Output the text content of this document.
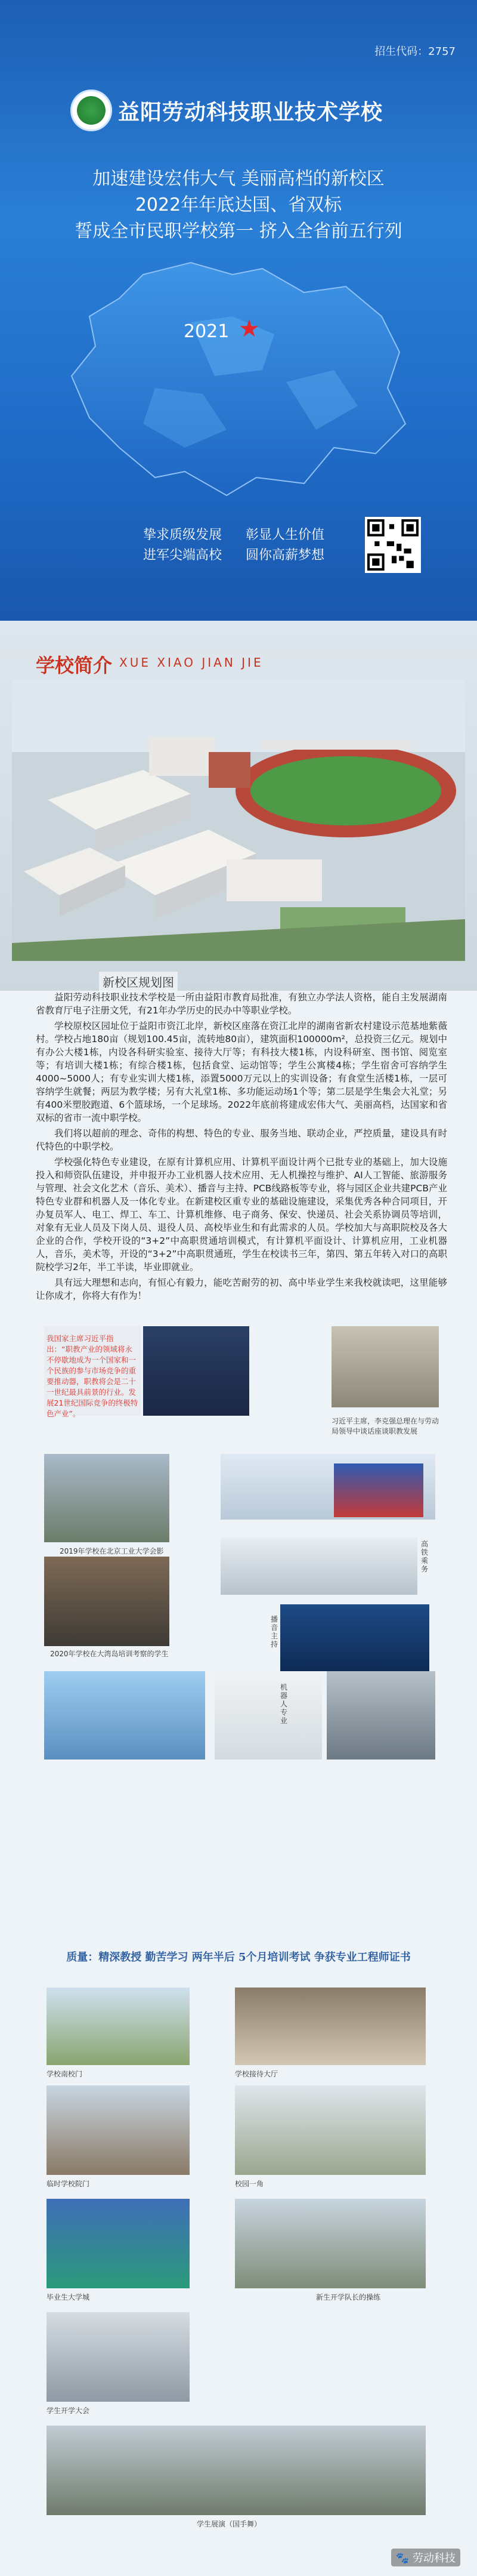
招生代码：2757
益阳劳动科技职业技术学校
加速建设宏伟大气 美丽高档的新校区
2022年年底达国、省双标
誓成全市民职学校第一 挤入全省前五行列
2021 ★
挚求质级发展 彰显人生价值
进军尖端高校 圆你高薪梦想
学校简介 XUE XIAO JIAN JIE
新校区规划图

益阳劳动科技职业技术学校是一所由益阳市教育局批准，有独立办学法人资格，能自主发展湖南省教育厅电子注册文凭，有21年办学历史的民办中等职业学校。

学校原校区园址位于益阳市资江北岸，新校区座落在资江北岸的湖南省新农村建设示范基地紫薇村。学校占地180亩（规划100.45亩，流转地80亩），建筑面积100000m²，总投资三亿元。规划中有办公大楼1栋，内设各科研实验室、接待大厅等；有科技大楼1栋，内设科研室、图书馆、阅览室等；有培训大楼1栋；有综合楼1栋，包括食堂、运动馆等；学生公寓楼4栋；学生宿舍可容纳学生4000~5000人；有专业实训大楼1栋，添置5000万元以上的实训设备；有食堂生活楼1栋，一层可容纳学生就餐；两层为教学楼；另有大礼堂1栋、多功能运动场1个等；第二层是学生集会大礼堂；另有400米塑胶跑道、6个篮球场，一个足球场。2022年底前将建成宏伟大气、美丽高档，达国家和省双标的省市一流中职学校。

我们将以超前的理念、奇伟的构想、特色的专业、服务当地、联动企业，严控质量，建设具有时代特色的中职学校。

学校强化特色专业建设，在原有计算机应用、计算机平面设计两个已批专业的基础上，加大设施投入和师资队伍建设，并申报开办工业机器人技术应用、无人机操控与维护、AI人工智能、旅游服务与管理、社会文化艺术（音乐、美术）、播音与主持、PCB线路板等专业，将与园区企业共建PCB产业特色专业群和机器人及一体化专业。在新建校区重专业的基础设施建设，采集优秀各种合同项目，开办复员军人、电工、焊工、车工、计算机维修、电子商务、保安、快递员、社会关系协调员等培训，对象有无业人员及下岗人员、退役人员、高校毕业生和有此需求的人员。学校加大与高职院校及各大企业的合作，学校开设的“3+2”中高职贯通培训模式，有计算机平面设计、计算机应用，工业机器人，音乐，美术等，开设的“3+2”中高职贯通班，学生在校读书三年，第四、第五年转入对口的高职院校学习2年，半工半读，毕业即就业。

具有远大理想和志向，有恒心有毅力，能吃苦耐劳的初、高中毕业学生来我校就读吧，这里能够让你成才，你将大有作为！

我国家主席习近平指出：“职教产业的领域将永不停歇地成为一个国家和一个民族的参与市场竞争的重要推动器，职教将会是二十一世纪最具前景的行业。发展21世纪国际竞争的终极特色产业”。
习近平主席，李克强总理在与劳动局领导中谈话座谈职教发展
2019年学校在北京工业大学会影
2020年学校在大湾岛培训考察的学生
高铁乘务
播音主持
机器人专业
质量：精深教授 勤苦学习 两年半后 5个月培训考试 争获专业工程师证书
学校南校门	学校接待大厅
临时学校院门	校园一角
毕业生大学城	新生开学队长的操练
学生开学大会
学生展演（国手舞）
🐾 劳动科技
